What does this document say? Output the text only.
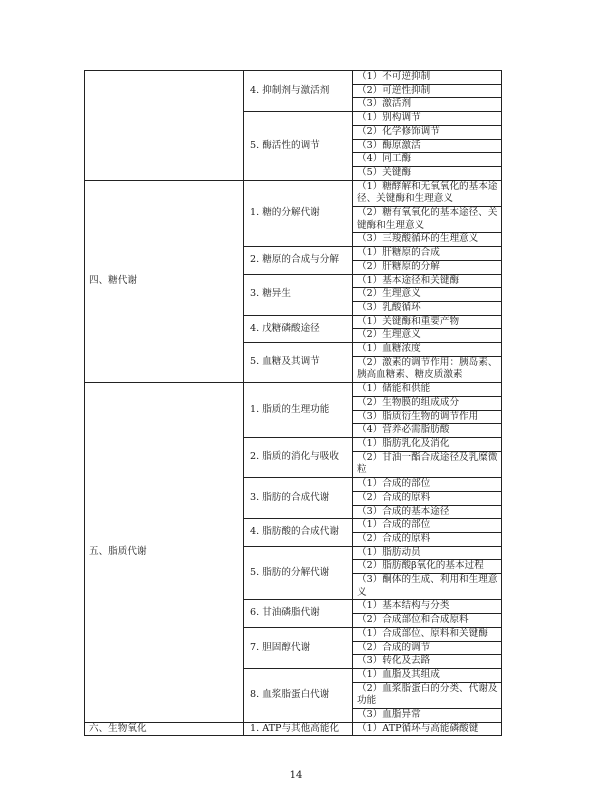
	4. 抑制剂与激活剂	（1）不可逆抑制
		（2）可逆性抑制
		（3）激活剂
	5. 酶活性的调节	（1）别构调节
		（2）化学修饰调节
		（3）酶原激活
		（4）同工酶
		（5）关键酶
四、糖代谢	1. 糖的分解代谢	（1）糖酵解和无氧氧化的基本途径、关键酶和生理意义
		（2）糖有氧氧化的基本途径、关键酶和生理意义
		（3）三羧酸循环的生理意义
	2. 糖原的合成与分解	（1）肝糖原的合成
		（2）肝糖原的分解
	3. 糖异生	（1）基本途径和关键酶
		（2）生理意义
		（3）乳酸循环
	4. 戊糖磷酸途径	（1）关键酶和重要产物
		（2）生理意义
	5. 血糖及其调节	（1）血糖浓度
		（2）激素的调节作用：胰岛素、胰高血糖素、糖皮质激素
五、脂质代谢	1. 脂质的生理功能	（1）储能和供能
		（2）生物膜的组成成分
		（3）脂质衍生物的调节作用
		（4）营养必需脂肪酸
	2. 脂质的消化与吸收	（1）脂肪乳化及消化
		（2）甘油一酯合成途径及乳糜微粒
	3. 脂肪的合成代谢	（1）合成的部位
		（2）合成的原料
		（3）合成的基本途径
	4. 脂肪酸的合成代谢	（1）合成的部位
		（2）合成的原料
	5. 脂肪的分解代谢	（1）脂肪动员
		（2）脂肪酸β氧化的基本过程
		（3）酮体的生成、利用和生理意义
	6. 甘油磷脂代谢	（1）基本结构与分类
		（2）合成部位和合成原料
	7. 胆固醇代谢	（1）合成部位、原料和关键酶
		（2）合成的调节
		（3）转化及去路
	8. 血浆脂蛋白代谢	（1）血脂及其组成
		（2）血浆脂蛋白的分类、代谢及功能
		（3）血脂异常
六、生物氧化	1. ATP与其他高能化	（1）ATP循环与高能磷酸键
14
